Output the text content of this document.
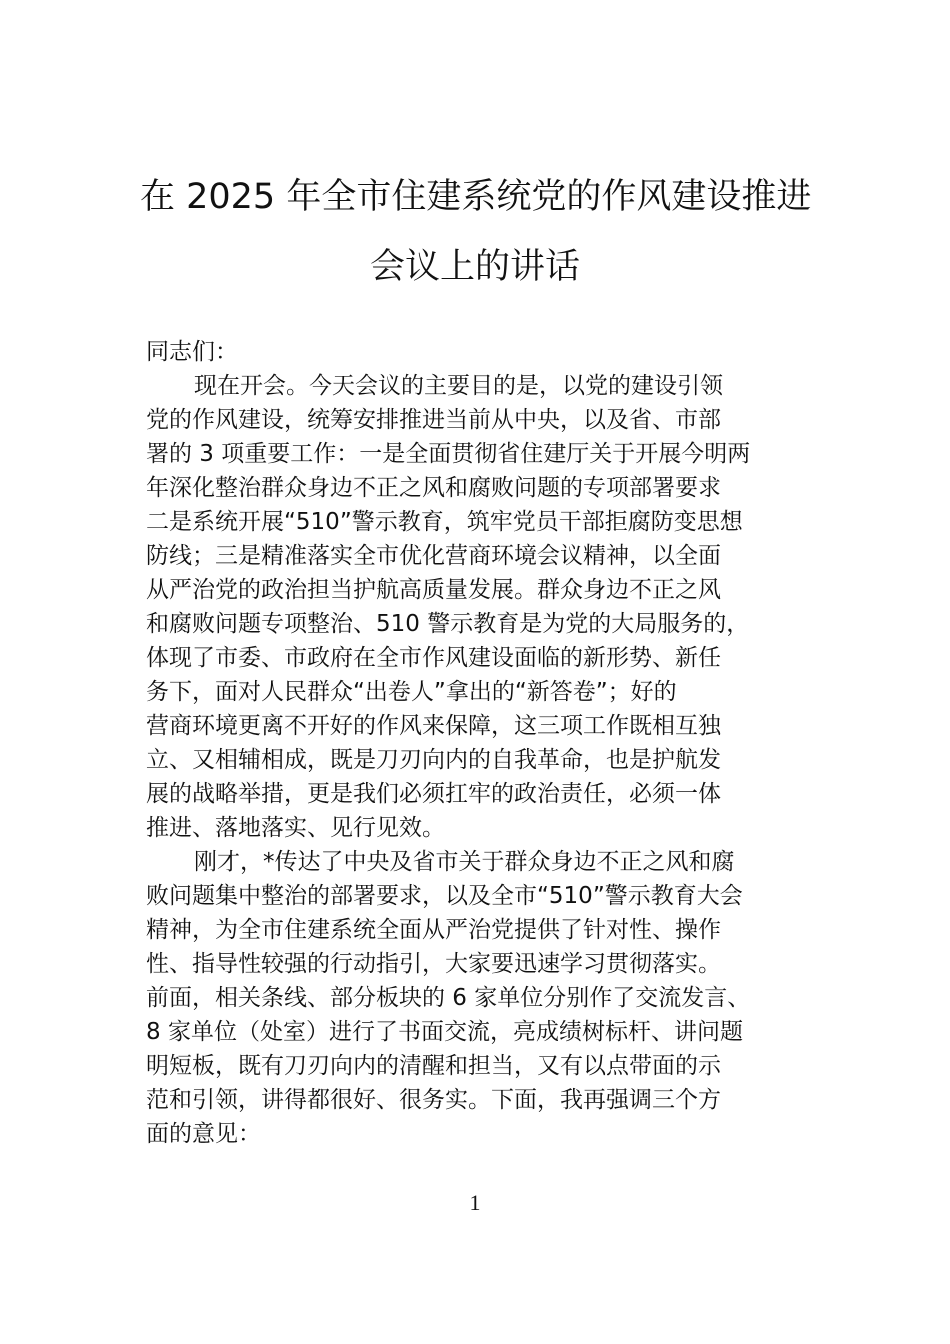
在 2025 年全市住建系统党的作风建设推进
会议上的讲话
同志们：
现在开会。今天会议的主要目的是，以党的建设引领
党的作风建设，统筹安排推进当前从中央，以及省、市部
署的 3 项重要工作：一是全面贯彻省住建厅关于开展今明两
年深化整治群众身边不正之风和腐败问题的专项部署要求
二是系统开展“510”警示教育，筑牢党员干部拒腐防变思想
防线；三是精准落实全市优化营商环境会议精神，以全面
从严治党的政治担当护航高质量发展。群众身边不正之风
和腐败问题专项整治、510 警示教育是为党的大局服务的，
体现了市委、市政府在全市作风建设面临的新形势、新任
务下，面对人民群众“出卷人”拿出的“新答卷”；好的
营商环境更离不开好的作风来保障，这三项工作既相互独
立、又相辅相成，既是刀刃向内的自我革命，也是护航发
展的战略举措，更是我们必须扛牢的政治责任，必须一体
推进、落地落实、见行见效。
刚才，*传达了中央及省市关于群众身边不正之风和腐
败问题集中整治的部署要求，以及全市“510”警示教育大会
精神，为全市住建系统全面从严治党提供了针对性、操作
性、指导性较强的行动指引，大家要迅速学习贯彻落实。
前面，相关条线、部分板块的 6 家单位分别作了交流发言、
8 家单位（处室）进行了书面交流，亮成绩树标杆、讲问题
明短板，既有刀刃向内的清醒和担当，又有以点带面的示
范和引领，讲得都很好、很务实。下面，我再强调三个方
面的意见：
1
